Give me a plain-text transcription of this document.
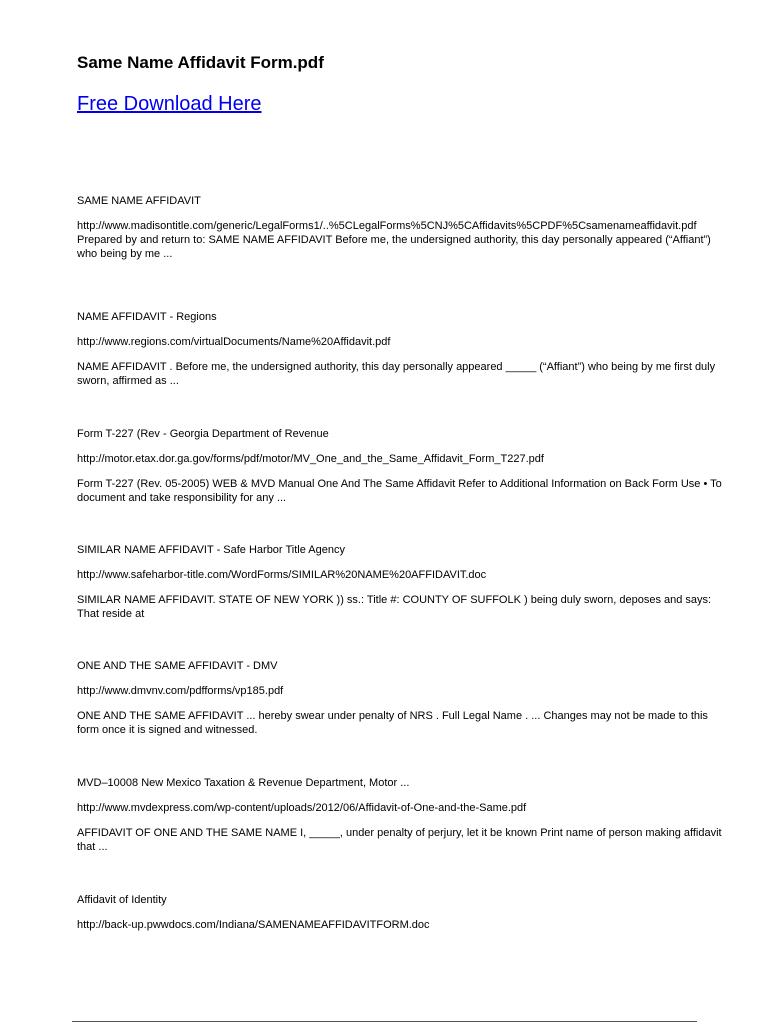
Same Name Affidavit Form.pdf
Free Download Here
SAME NAME AFFIDAVIT
http://www.madisontitle.com/generic/LegalForms1/..%5CLegalForms%5CNJ%5CAffidavits%5CPDF%5Csamenameaffidavit.pdf
Prepared by and return to: SAME NAME AFFIDAVIT Before me, the undersigned authority, this day personally appeared (“Affiant”) who being by me ...
NAME AFFIDAVIT - Regions
http://www.regions.com/virtualDocuments/Name%20Affidavit.pdf
NAME AFFIDAVIT . Before me, the undersigned authority, this day personally appeared _____ (“Affiant”) who being by me first duly sworn, affirmed as ...
Form T-227 (Rev - Georgia Department of Revenue
http://motor.etax.dor.ga.gov/forms/pdf/motor/MV_One_and_the_Same_Affidavit_Form_T227.pdf
Form T-227 (Rev. 05-2005) WEB & MVD Manual One And The Same Affidavit Refer to Additional Information on Back Form Use • To document and take responsibility for any ...
SIMILAR NAME AFFIDAVIT - Safe Harbor Title Agency
http://www.safeharbor-title.com/WordForms/SIMILAR%20NAME%20AFFIDAVIT.doc
SIMILAR NAME AFFIDAVIT. STATE OF NEW YORK )) ss.: Title #: COUNTY OF SUFFOLK ) being duly sworn, deposes and says: That reside at
ONE AND THE SAME AFFIDAVIT - DMV
http://www.dmvnv.com/pdfforms/vp185.pdf
ONE AND THE SAME AFFIDAVIT ... hereby swear under penalty of NRS . Full Legal Name . ... Changes may not be made to this form once it is signed and witnessed.
MVD–10008 New Mexico Taxation & Revenue Department, Motor ...
http://www.mvdexpress.com/wp-content/uploads/2012/06/Affidavit-of-One-and-the-Same.pdf
AFFIDAVIT OF ONE AND THE SAME NAME I, _____, under penalty of perjury, let it be known Print name of person making affidavit that ...
Affidavit of Identity
http://back-up.pwwdocs.com/Indiana/SAMENAMEAFFIDAVITFORM.doc
